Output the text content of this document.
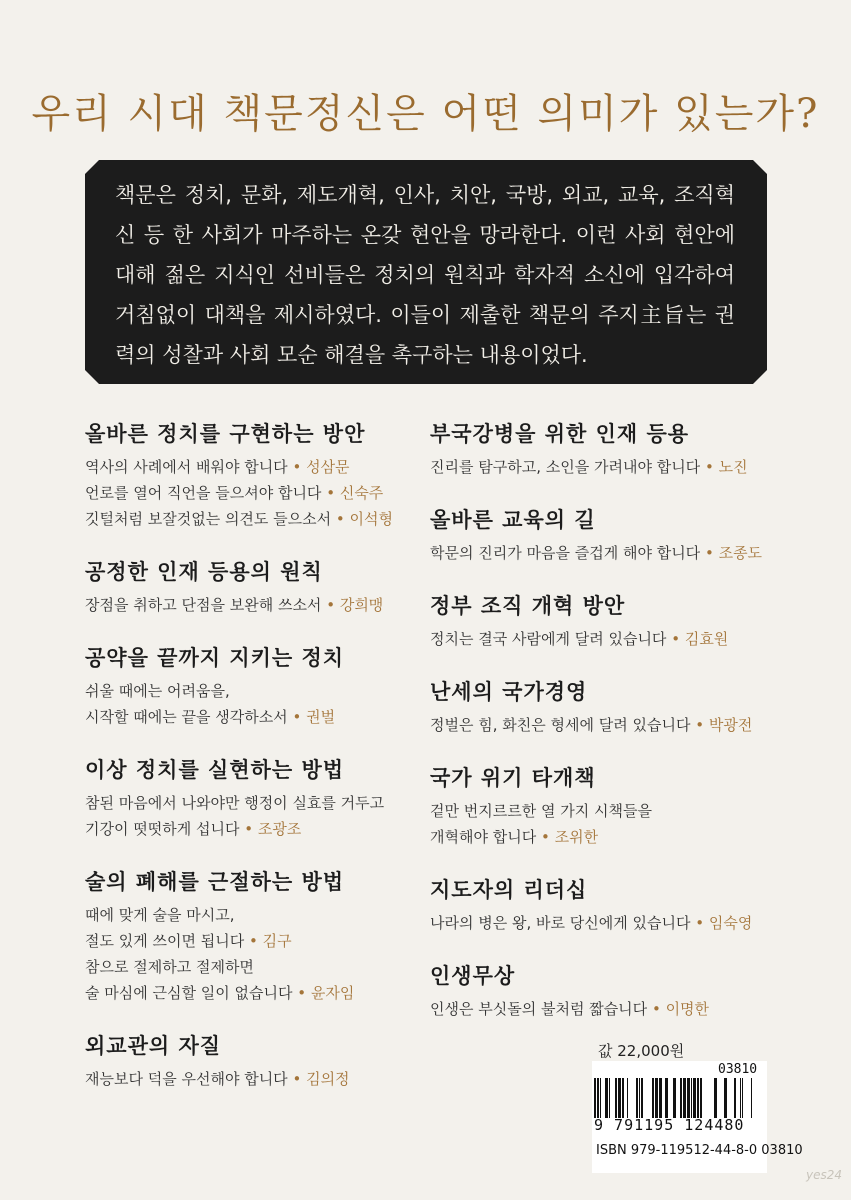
우리 시대 책문정신은 어떤 의미가 있는가?

책문은 정치, 문화, 제도개혁, 인사, 치안, 국방, 외교, 교육, 조직혁신 등 한 사회가 마주하는 온갖 현안을 망라한다. 이런 사회 현안에 대해 젊은 지식인 선비들은 정치의 원칙과 학자적 소신에 입각하여 거침없이 대책을 제시하였다. 이들이 제출한 책문의 주지主旨는 권력의 성찰과 사회 모순 해결을 촉구하는 내용이었다.

올바른 정치를 구현하는 방안
역사의 사례에서 배워야 합니다 • 성삼문
언로를 열어 직언을 들으셔야 합니다 • 신숙주
깃털처럼 보잘것없는 의견도 들으소서 • 이석형
공정한 인재 등용의 원칙
장점을 취하고 단점을 보완해 쓰소서 • 강희맹
공약을 끝까지 지키는 정치
쉬울 때에는 어려움을,
시작할 때에는 끝을 생각하소서 • 권벌
이상 정치를 실현하는 방법
참된 마음에서 나와야만 행정이 실효를 거두고
기강이 떳떳하게 섭니다 • 조광조
술의 폐해를 근절하는 방법
때에 맞게 술을 마시고,
절도 있게 쓰이면 됩니다 • 김구
참으로 절제하고 절제하면
술 마심에 근심할 일이 없습니다 • 윤자임
외교관의 자질
재능보다 덕을 우선해야 합니다 • 김의정
부국강병을 위한 인재 등용
진리를 탐구하고, 소인을 가려내야 합니다 • 노진
올바른 교육의 길
학문의 진리가 마음을 즐겁게 해야 합니다 • 조종도
정부 조직 개혁 방안
정치는 결국 사람에게 달려 있습니다 • 김효원
난세의 국가경영
정벌은 힘, 화친은 형세에 달려 있습니다 • 박광전
국가 위기 타개책
겉만 번지르르한 열 가지 시책들을
개혁해야 합니다 • 조위한
지도자의 리더십
나라의 병은 왕, 바로 당신에게 있습니다 • 임숙영
인생무상
인생은 부싯돌의 불처럼 짧습니다 • 이명한
값 22,000원
03810
9 791195 124480
ISBN 979-119512-44-8-0 03810
yes24
